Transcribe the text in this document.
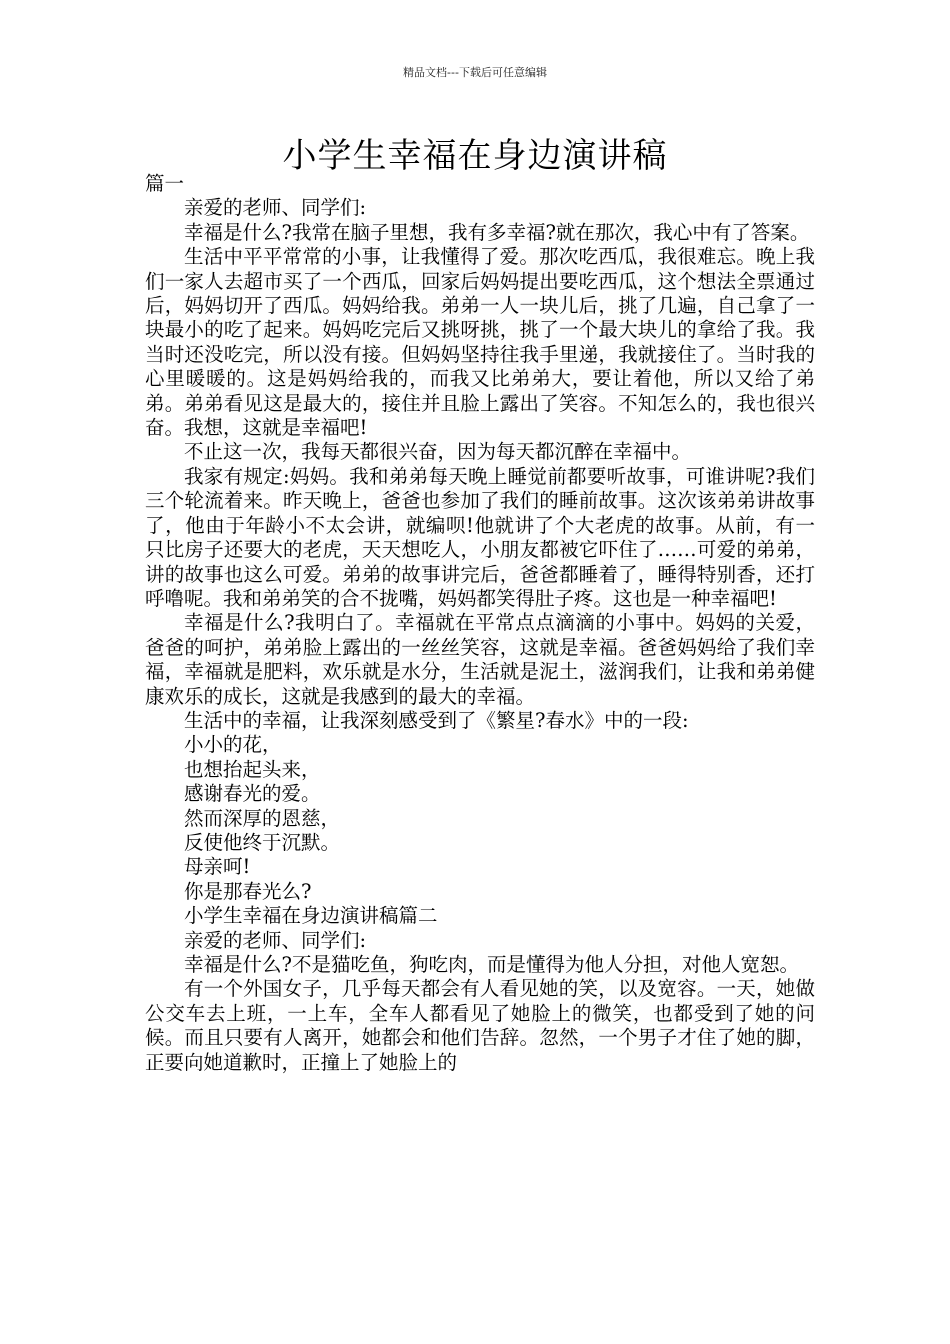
精品文档---下载后可任意编辑
小学生幸福在身边演讲稿

篇一

亲爱的老师、同学们:

幸福是什么?我常在脑子里想，我有多幸福?就在那次，我心中有了答案。

生活中平平常常的小事，让我懂得了爱。那次吃西瓜，我很难忘。晚上我们一家人去超市买了一个西瓜，回家后妈妈提出要吃西瓜，这个想法全票通过后，妈妈切开了西瓜。妈妈给我。弟弟一人一块儿后，挑了几遍，自己拿了一块最小的吃了起来。妈妈吃完后又挑呀挑，挑了一个最大块儿的拿给了我。我当时还没吃完，所以没有接。但妈妈坚持往我手里递，我就接住了。当时我的心里暖暖的。这是妈妈给我的，而我又比弟弟大，要让着他，所以又给了弟弟。弟弟看见这是最大的，接住并且脸上露出了笑容。不知怎么的，我也很兴奋。我想，这就是幸福吧!

不止这一次，我每天都很兴奋，因为每天都沉醉在幸福中。

我家有规定:妈妈。我和弟弟每天晚上睡觉前都要听故事，可谁讲呢?我们三个轮流着来。昨天晚上，爸爸也参加了我们的睡前故事。这次该弟弟讲故事了，他由于年龄小不太会讲，就编呗!他就讲了个大老虎的故事。从前，有一只比房子还要大的老虎，天天想吃人，小朋友都被它吓住了……可爱的弟弟，讲的故事也这么可爱。弟弟的故事讲完后，爸爸都睡着了，睡得特别香，还打呼噜呢。我和弟弟笑的合不拢嘴，妈妈都笑得肚子疼。这也是一种幸福吧!

幸福是什么?我明白了。幸福就在平常点点滴滴的小事中。妈妈的关爱，爸爸的呵护，弟弟脸上露出的一丝丝笑容，这就是幸福。爸爸妈妈给了我们幸福，幸福就是肥料，欢乐就是水分，生活就是泥土，滋润我们，让我和弟弟健康欢乐的成长，这就是我感到的最大的幸福。

生活中的幸福，让我深刻感受到了《繁星?春水》中的一段:

小小的花，

也想抬起头来，

感谢春光的爱。

然而深厚的恩慈，

反使他终于沉默。

母亲呵!

你是那春光么?

小学生幸福在身边演讲稿篇二

亲爱的老师、同学们:

幸福是什么?不是猫吃鱼，狗吃肉，而是懂得为他人分担，对他人宽恕。

有一个外国女子，几乎每天都会有人看见她的笑，以及宽容。一天，她做公交车去上班，一上车，全车人都看见了她脸上的微笑，也都受到了她的问候。而且只要有人离开，她都会和他们告辞。忽然，一个男子才住了她的脚，正要向她道歉时，正撞上了她脸上的
